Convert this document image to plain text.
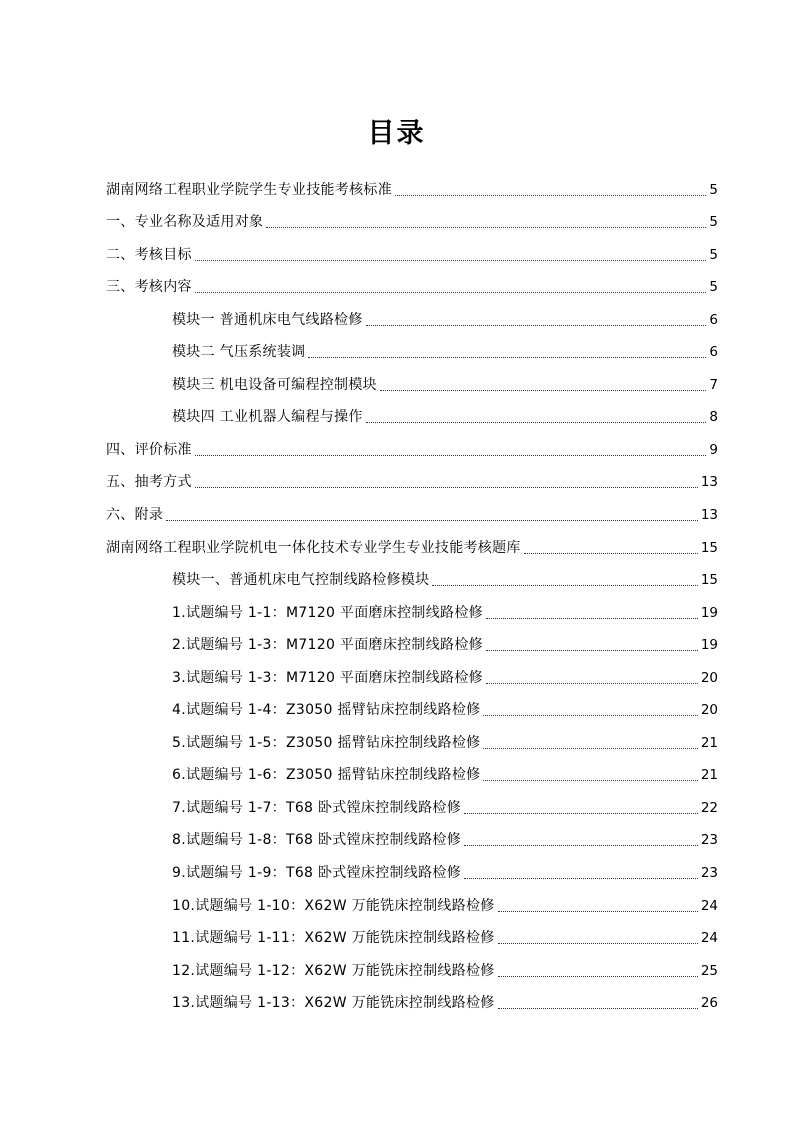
目录
湖南网络工程职业学院学生专业技能考核标准	5
一、专业名称及适用对象	5
二、考核目标	5
三、考核内容	5
模块一 普通机床电气线路检修	6
模块二 气压系统装调	6
模块三 机电设备可编程控制模块	7
模块四 工业机器人编程与操作	8
四、评价标准	9
五、抽考方式	13
六、附录	13
湖南网络工程职业学院机电一体化技术专业学生专业技能考核题库	15
模块一、普通机床电气控制线路检修模块	15
1.试题编号 1-1：M7120 平面磨床控制线路检修	19
2.试题编号 1-3：M7120 平面磨床控制线路检修	19
3.试题编号 1-3：M7120 平面磨床控制线路检修	20
4.试题编号 1-4：Z3050 摇臂钻床控制线路检修	20
5.试题编号 1-5：Z3050 摇臂钻床控制线路检修	21
6.试题编号 1-6：Z3050 摇臂钻床控制线路检修	21
7.试题编号 1-7：T68 卧式镗床控制线路检修	22
8.试题编号 1-8：T68 卧式镗床控制线路检修	23
9.试题编号 1-9：T68 卧式镗床控制线路检修	23
10.试题编号 1-10：X62W 万能铣床控制线路检修	24
11.试题编号 1-11：X62W 万能铣床控制线路检修	24
12.试题编号 1-12：X62W 万能铣床控制线路检修	25
13.试题编号 1-13：X62W 万能铣床控制线路检修	26
